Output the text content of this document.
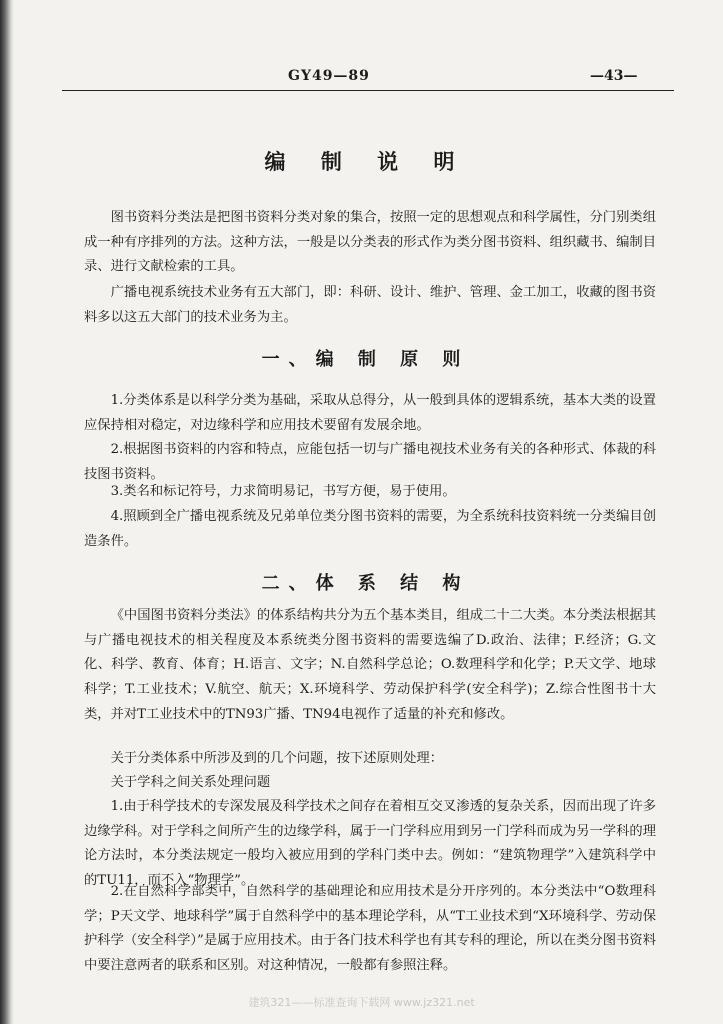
GY49—89	—43—
编 制 说 明

图书资料分类法是把图书资料分类对象的集合，按照一定的思想观点和科学属性，分门别类组成一种有序排列的方法。这种方法，一般是以分类表的形式作为类分图书资料、组织藏书、编制目录、进行文献检索的工具。

广播电视系统技术业务有五大部门，即：科研、设计、维护、管理、金工加工，收藏的图书资料多以这五大部门的技术业务为主。

一、编 制 原 则

1.分类体系是以科学分类为基础，采取从总得分，从一般到具体的逻辑系统，基本大类的设置应保持相对稳定，对边缘科学和应用技术要留有发展余地。

2.根据图书资料的内容和特点，应能包括一切与广播电视技术业务有关的各种形式、体裁的科技图书资料。

3.类名和标记符号，力求简明易记，书写方便，易于使用。

4.照顾到全广播电视系统及兄弟单位类分图书资料的需要，为全系统科技资料统一分类编目创造条件。

二、体 系 结 构

《中国图书资料分类法》的体系结构共分为五个基本类目，组成二十二大类。本分类法根据其与广播电视技术的相关程度及本系统类分图书资料的需要选编了D.政治、法律；F.经济；G.文化、科学、教育、体育；H.语言、文字；N.自然科学总论；O.数理科学和化学；P.天文学、地球科学；T.工业技术；V.航空、航天；X.环境科学、劳动保护科学(安全科学)；Z.综合性图书十大类，并对T工业技术中的TN93广播、TN94电视作了适量的补充和修改。

关于分类体系中所涉及到的几个问题，按下述原则处理：

关于学科之间关系处理问题

1.由于科学技术的专深发展及科学技术之间存在着相互交叉渗透的复杂关系，因而出现了许多边缘学科。对于学科之间所产生的边缘学科，属于一门学科应用到另一门学科而成为另一学科的理论方法时，本分类法规定一般均入被应用到的学科门类中去。例如：“建筑物理学”入建筑科学中的TU11，而不入“物理学”。

2.在自然科学部类中，自然科学的基础理论和应用技术是分开序列的。本分类法中“O数理科学；P天文学、地球科学”属于自然科学中的基本理论学科，从“T工业技术到“X环境科学、劳动保护科学（安全科学）”是属于应用技术。由于各门技术科学也有其专科的理论，所以在类分图书资料中要注意两者的联系和区别。对这种情况，一般都有参照注释。

建筑321——标准查询下载网 www.jz321.net
